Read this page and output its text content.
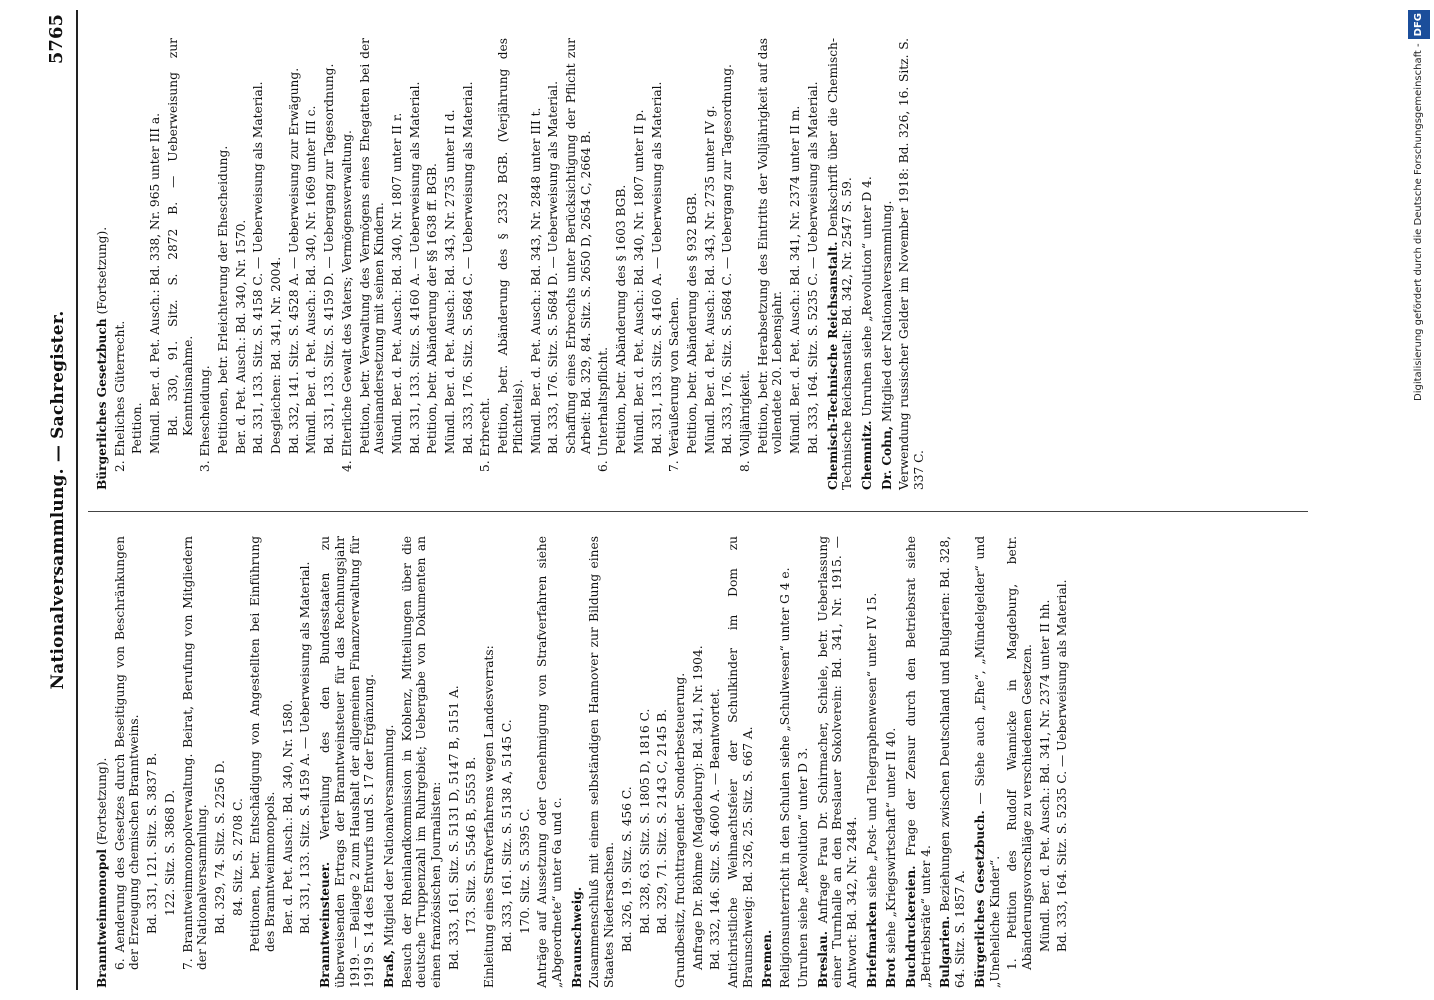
Nationalversammlung. — Sachregister.
5765

Branntweinmonopol (Fortsetzung). 6. Aenderung des Gesetzes durch Beseitigung von Beschränkungen der Erzeugung chemischen Branntweins. Bd. 331, 121. Sitz. S. 3837 B. 122. Sitz. S. 3868 D. 7. Branntweinmonopolverwaltung. Beirat, Berufung von Mitgliedern der Nationalversammlung. Bd. 329, 74. Sitz. S. 2256 D. 84. Sitz. S. 2708 C. Petitionen, betr. Entschädigung von Angestellten bei Einführung des Branntweinmonopols. Ber. d. Pet. Ausch.: Bd. 340, Nr. 1580. Bd. 331, 133. Sitz. S. 4159 A. — Ueberweisung als Material. Branntweinsteuer. Verteilung des den Bundesstaaten zu überweisenden Ertrags der Branntweinsteuer für das Rechnungsjahr 1919. — Beilage 2 zum Haushalt der allgemeinen Finanzverwaltung für 1919 S. 14 des Entwurfs und S. 17 der Ergänzung. Braß, Mitglied der Nationalversammlung. Besuch der Rheinlandkommission in Koblenz, Mitteilungen über die deutsche Truppenzahl im Ruhrgebiet; Uebergabe von Dokumenten an einen französischen Journalisten: Bd. 333, 161. Sitz. S. 5131 D, 5147 B, 5151 A. 173. Sitz. S. 5546 B, 5553 B. Einleitung eines Strafverfahrens wegen Landesverrats: Bd. 333, 161. Sitz. S. 5138 A, 5145 C. 170. Sitz. S. 5395 C. Anträge auf Aussetzung oder Genehmigung von Strafverfahren siehe „Abgeordnete“ unter 6a und c. Braunschweig. Zusammenschluß mit einem selbständigen Hannover zur Bildung eines Staates Niedersachsen. Bd. 326, 19. Sitz. S. 456 C. Bd. 328, 63. Sitz. S. 1805 D, 1816 C. Bd. 329, 71. Sitz. S. 2143 C, 2145 B. Grundbesitz, fruchttragender. Sonderbesteuerung. Anfrage Dr. Böhme (Magdeburg): Bd. 341, Nr. 1904. Bd. 332, 146. Sitz. S. 4600 A. — Beantwortet. Antichristliche Weihnachtsfeier der Schulkinder im Dom zu Braunschweig: Bd. 326, 25. Sitz. S. 667 A. Bremen. Religionsunterricht in den Schulen siehe „Schulwesen“ unter G 4 e. Unruhen siehe „Revolution“ unter D 3. Breslau. Anfrage Frau Dr. Schirmacher, Schiele, betr. Ueberlassung einer Turnhalle an den Breslauer Sokolverein: Bd. 341, Nr. 1915. — Antwort: Bd. 342, Nr. 2484. Briefmarken siehe „Post- und Telegraphenwesen“ unter IV 15.

Brot siehe „Kriegswirtschaft“ unter II 40. Buchdruckereien. Frage der Zensur durch den Betriebsrat siehe „Betriebsräte“ unter 4. Bulgarien. Beziehungen zwischen Deutschland und Bulgarien: Bd. 328, 64. Sitz. S. 1857 A. Bürgerliches Gesetzbuch. — Siehe auch „Ehe“, „Mündelgelder“ und „Uneheliche Kinder“. 1. Petition des Rudolf Wannicke in Magdeburg, betr. Abänderungsvorschläge zu verschiedenen Gesetzen. Mündl. Ber. d. Pet. Ausch.: Bd. 341, Nr. 2374 unter II hh. Bd. 333, 164. Sitz. S. 5235 C. — Ueberweisung als Material.

Bürgerliches Gesetzbuch (Fortsetzung).

2. Eheliches Güterrecht. Petition. Mündl. Ber. d. Pet. Ausch.: Bd. 338, Nr. 965 unter III a. Bd. 330, 91. Sitz. S. 2872 B. — Ueberweisung zur Kenntnisnahme. 3. Ehescheidung. Petitionen, betr. Erleichterung der Ehescheidung. Ber. d. Pet. Ausch.: Bd. 340, Nr. 1570. Bd. 331, 133. Sitz. S. 4158 C. — Ueberweisung als Material. Desgleichen: Bd. 341, Nr. 2004. Bd. 332, 141. Sitz. S. 4528 A. — Ueberweisung zur Erwägung. Mündl. Ber. d. Pet. Ausch.: Bd. 340, Nr. 1669 unter III c. Bd. 331, 133. Sitz. S. 4159 D. — Uebergang zur Tagesordnung. 4. Elterliche Gewalt des Vaters; Vermögensverwaltung. Petition, betr. Verwaltung des Vermögens eines Ehegatten bei der Auseinandersetzung mit seinen Kindern. Mündl. Ber. d. Pet. Ausch.: Bd. 340, Nr. 1807 unter II r. Bd. 331, 133. Sitz. S. 4160 A. — Ueberweisung als Material. Petition, betr. Abänderung der §§ 1638 ff. BGB. Mündl. Ber. d. Pet. Ausch.: Bd. 343, Nr. 2735 unter II d. Bd. 333, 176. Sitz. S. 5684 C. — Ueberweisung als Material. 5. Erbrecht. Petition, betr. Abänderung des § 2332 BGB. (Verjährung des Pflichtteils). Mündl. Ber. d. Pet. Ausch.: Bd. 343, Nr. 2848 unter III t. Bd. 333, 176. Sitz. S. 5684 D. — Ueberweisung als Material. Schaffung eines Erbrechts unter Berücksichtigung der Pflicht zur Arbeit: Bd. 329, 84. Sitz. S. 2650 D, 2654 C, 2664 B. 6. Unterhaltspflicht. Petition, betr. Abänderung des § 1603 BGB. Mündl. Ber. d. Pet. Ausch.: Bd. 340, Nr. 1807 unter II p. Bd. 331, 133. Sitz. S. 4160 A. — Ueberweisung als Material. 7. Veräußerung von Sachen. Petition, betr. Abänderung des § 932 BGB. Mündl. Ber. d. Pet. Ausch.: Bd. 343, Nr. 2735 unter IV g. Bd. 333, 176. Sitz. S. 5684 C. — Uebergang zur Tagesordnung. 8. Volljährigkeit. Petition, betr. Herabsetzung des Eintritts der Volljährigkeit auf das vollendete 20. Lebensjahr. Mündl. Ber. d. Pet. Ausch.: Bd. 341, Nr. 2374 unter II m. Bd. 333, 164. Sitz. S. 5235 C. — Ueberweisung als Material. Chemisch-Technische Reichsanstalt. Denkschrift über die Chemisch-Technische Reichsanstalt: Bd. 342, Nr. 2547 S. 59. Chemnitz. Unruhen siehe „Revolution“ unter D 4.

Dr. Cohn, Mitglied der Nationalversammlung. Verwendung russischer Gelder im November 1918: Bd. 326, 16. Sitz. S. 337 C.

Digitalisierung gefördert durch die Deutsche Forschungsgemeinschaft -DFG
